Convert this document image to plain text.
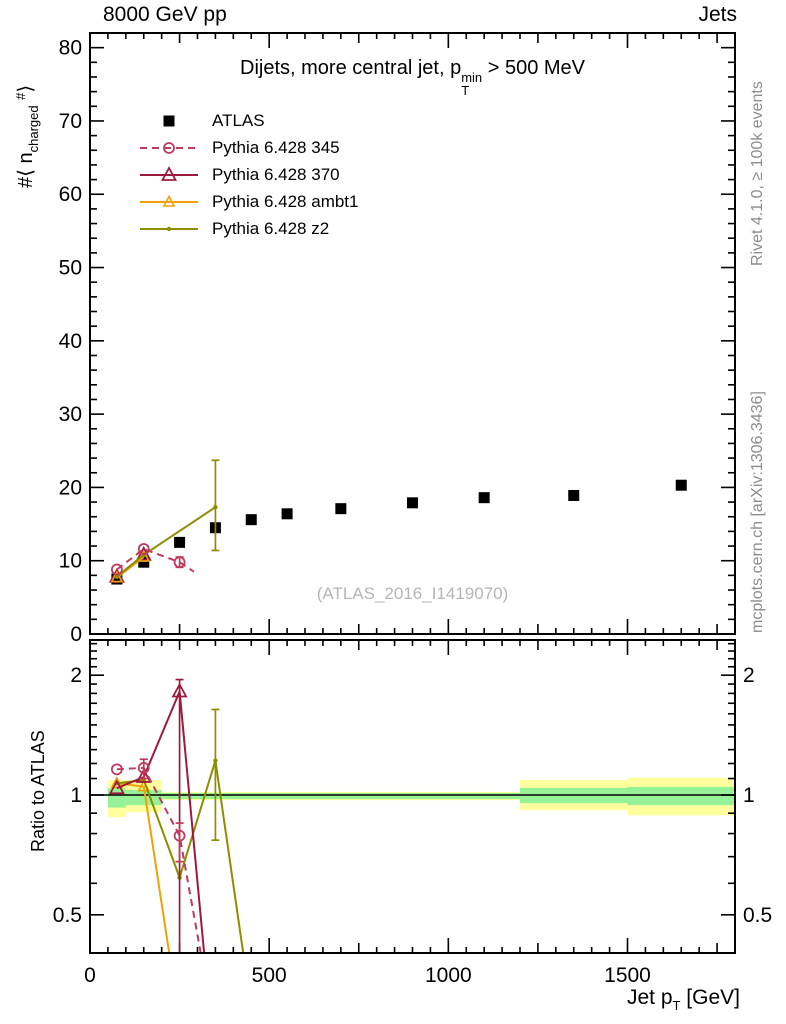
8000 GeV pp	Jets
Dijets, more central jet, p min
T
> 500 MeV
#⟨ $n_{charged}$ #⟩
Ratio to ATLAS
Rivet 4.1.0, ≥ 100k events
mcplots.cern.ch [arXiv:1306.3436]
(ATLAS_2016_I1419070)
Jet $p_T$ [GeV]
ATLAS
Pythia 6.428 345
Pythia 6.428 370
Pythia 6.428 ambt1
Pythia 6.428 z2
0
10
20
30
40
50
60
70
80
0.5	0.5
1	1
2	2
0	500	1000	1500
